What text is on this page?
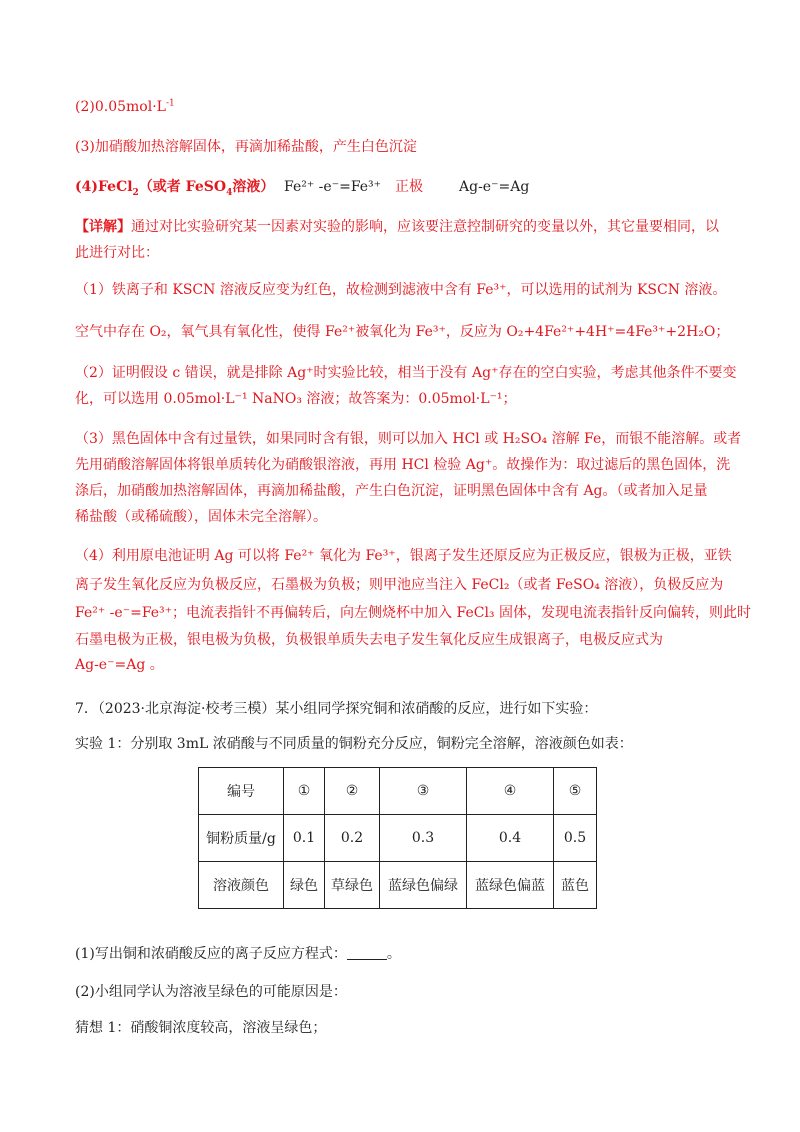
$(2)0.05mol\cdot L^{-1}$
(3)加硝酸加热溶解固体，再滴加稀盐酸，产生白色沉淀
(4)FeCl$_2$（或者 FeSO$_4$溶液） Fe²⁺ -e⁻=Fe³⁺ 正极	Ag-e⁻=Ag
【详解】通过对比实验研究某一因素对实验的影响，应该要注意控制研究的变量以外，其它量要相同，以
此进行对比：
（1）铁离子和 KSCN 溶液反应变为红色，故检测到滤液中含有 Fe³⁺，可以选用的试剂为 KSCN 溶液。
空气中存在 O₂，氧气具有氧化性，使得 Fe²⁺被氧化为 Fe³⁺，反应为 O₂+4Fe²⁺+4H⁺=4Fe³⁺+2H₂O；
（2）证明假设 c 错误，就是排除 Ag⁺时实验比较，相当于没有 Ag⁺存在的空白实验，考虑其他条件不要变
化，可以选用 0.05mol·L⁻¹ NaNO₃ 溶液；故答案为：0.05mol·L⁻¹；
（3）黑色固体中含有过量铁，如果同时含有银，则可以加入 HCl 或 H₂SO₄ 溶解 Fe，而银不能溶解。或者
先用硝酸溶解固体将银单质转化为硝酸银溶液，再用 HCl 检验 Ag⁺。故操作为：取过滤后的黑色固体，洗
涤后，加硝酸加热溶解固体，再滴加稀盐酸，产生白色沉淀，证明黑色固体中含有 Ag。（或者加入足量
稀盐酸（或稀硫酸），固体未完全溶解）。
（4）利用原电池证明 Ag 可以将 Fe²⁺ 氧化为 Fe³⁺，银离子发生还原反应为正极反应，银极为正极，亚铁
离子发生氧化反应为负极反应，石墨极为负极；则甲池应当注入 FeCl₂（或者 FeSO₄ 溶液），负极反应为
Fe²⁺ -e⁻=Fe³⁺；电流表指针不再偏转后，向左侧烧杯中加入 FeCl₃ 固体，发现电流表指针反向偏转，则此时
石墨电极为正极，银电极为负极，负极银单质失去电子发生氧化反应生成银离子，电极反应式为
Ag-e⁻=Ag 。
7．（2023·北京海淀·校考三模）某小组同学探究铜和浓硝酸的反应，进行如下实验：
实验 1：分别取 3mL 浓硝酸与不同质量的铜粉充分反应，铜粉完全溶解，溶液颜色如表：
编号	①	②	③	④	⑤
铜粉质量/g	0.1	0.2	0.3	0.4	0.5
溶液颜色	绿色	草绿色	蓝绿色偏绿	蓝绿色偏蓝	蓝色
(1)写出铜和浓硝酸反应的离子反应方程式：	。
(2)小组同学认为溶液呈绿色的可能原因是：
猜想 1：硝酸铜浓度较高，溶液呈绿色；
